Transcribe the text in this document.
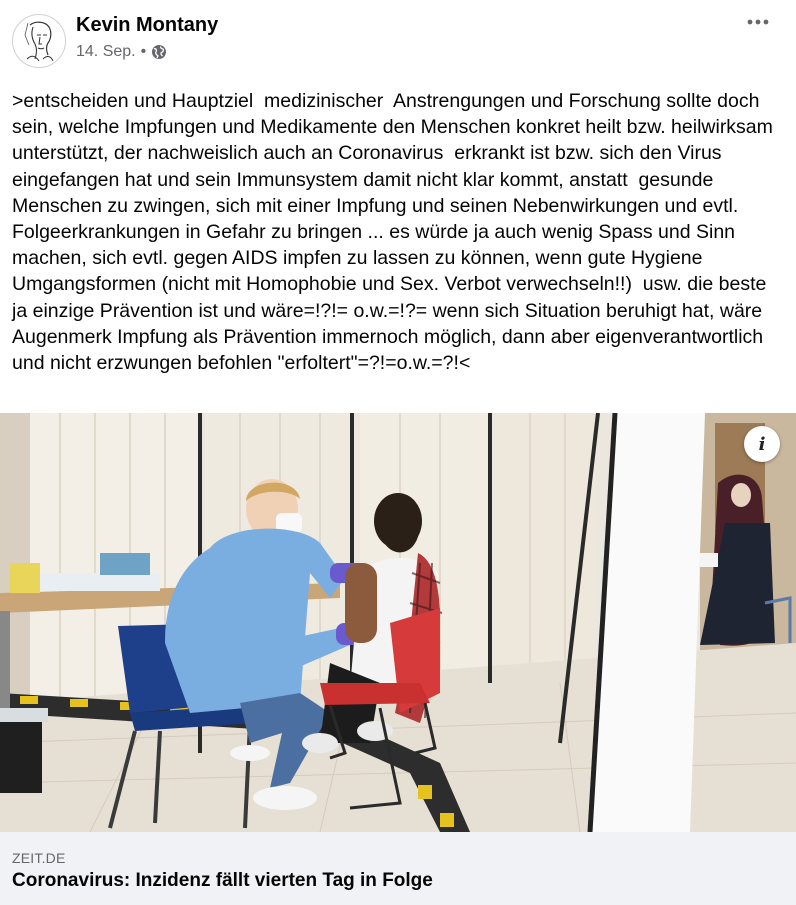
Kevin Montany
14. Sep. •

>entscheiden und Hauptziel  medizinischer  Anstrengungen und Forschung sollte doch sein, welche Impfungen und Medikamente den Menschen konkret heilt bzw. heilwirksam  unterstützt, der nachweislich auch an Coronavirus  erkrankt ist bzw. sich den Virus eingefangen hat und sein Immunsystem damit nicht klar kommt, anstatt  gesunde Menschen zu zwingen, sich mit einer Impfung und seinen Nebenwirkungen und evtl. Folgeerkrankungen in Gefahr zu bringen ... es würde ja auch wenig Spass und Sinn machen, sich evtl. gegen AIDS impfen zu lassen zu können, wenn gute Hygiene Umgangsformen (nicht mit Homophobie und Sex. Verbot verwechseln!!)  usw. die beste ja einzige Prävention ist und wäre=!?!= o.w.=!?= wenn sich Situation beruhigt hat, wäre Augenmerk Impfung als Prävention immernoch möglich, dann aber eigenverantwortlich und nicht erzwungen befohlen "erfoltert"=?!=o.w.=?!<

i
ZEIT.DE
Coronavirus: Inzidenz fällt vierten Tag in Folge
